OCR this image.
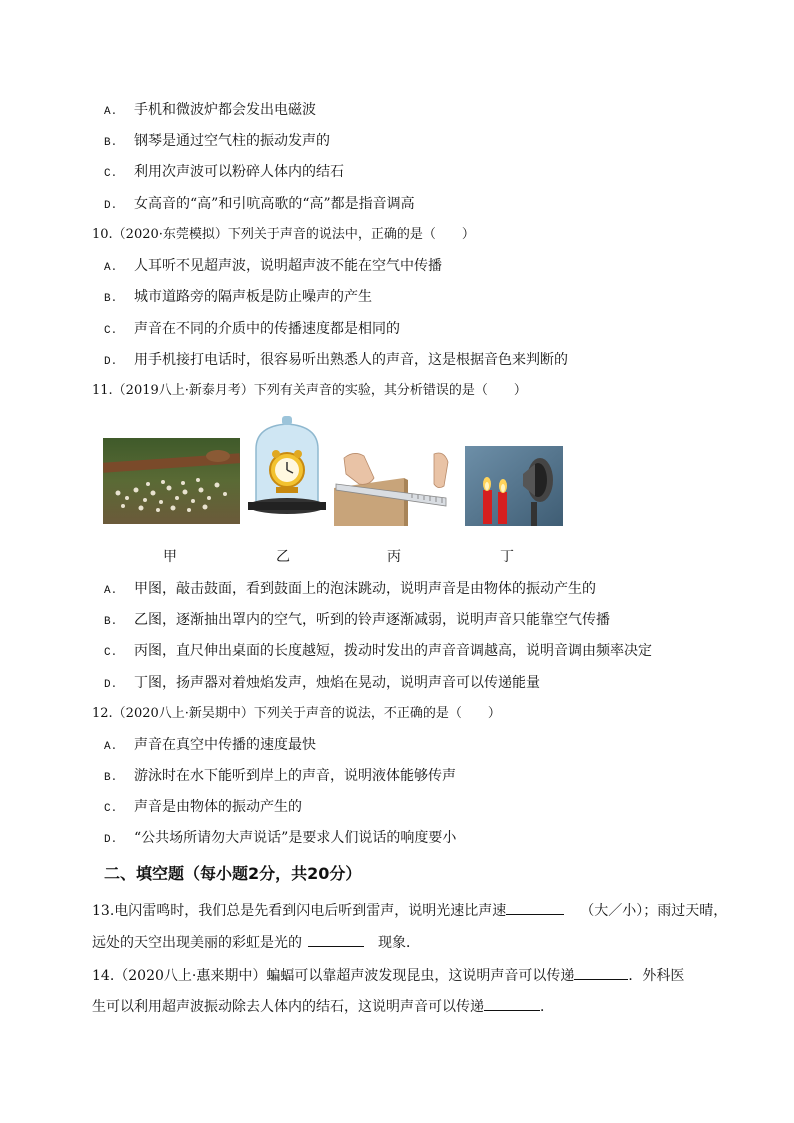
A. 手机和微波炉都会发出电磁波
B. 钢琴是通过空气柱的振动发声的
C. 利用次声波可以粉碎人体内的结石
D. 女高音的“高”和引吭高歌的“高”都是指音调高
10.（2020·东莞模拟）下列关于声音的说法中，正确的是（　　）
A. 人耳听不见超声波，说明超声波不能在空气中传播
B. 城市道路旁的隔声板是防止噪声的产生
C. 声音在不同的介质中的传播速度都是相同的
D. 用手机接打电话时，很容易听出熟悉人的声音，这是根据音色来判断的
11.（2019八上·新泰月考）下列有关声音的实验，其分析错误的是（　　）
甲	乙	丙	丁
A. 甲图，敲击鼓面，看到鼓面上的泡沫跳动，说明声音是由物体的振动产生的
B. 乙图，逐渐抽出罩内的空气，听到的铃声逐渐减弱，说明声音只能靠空气传播
C. 丙图，直尺伸出桌面的长度越短，拨动时发出的声音音调越高，说明音调由频率决定
D. 丁图，扬声器对着烛焰发声，烛焰在晃动，说明声音可以传递能量
12.（2020八上·新吴期中）下列关于声音的说法，不正确的是（　　）
A. 声音在真空中传播的速度最快
B. 游泳时在水下能听到岸上的声音，说明液体能够传声
C. 声音是由物体的振动产生的
D. “公共场所请勿大声说话”是要求人们说话的响度要小
二、填空题（每小题2分，共20分）
13.电闪雷鸣时，我们总是先看到闪电后听到雷声，说明光速比声速	（大／小）；雨过天晴，
远处的天空出现美丽的彩虹是光的	现象．
14.（2020八上·惠来期中）蝙蝠可以靠超声波发现昆虫，这说明声音可以传递	．外科医
生可以利用超声波振动除去人体内的结石，这说明声音可以传递	．
